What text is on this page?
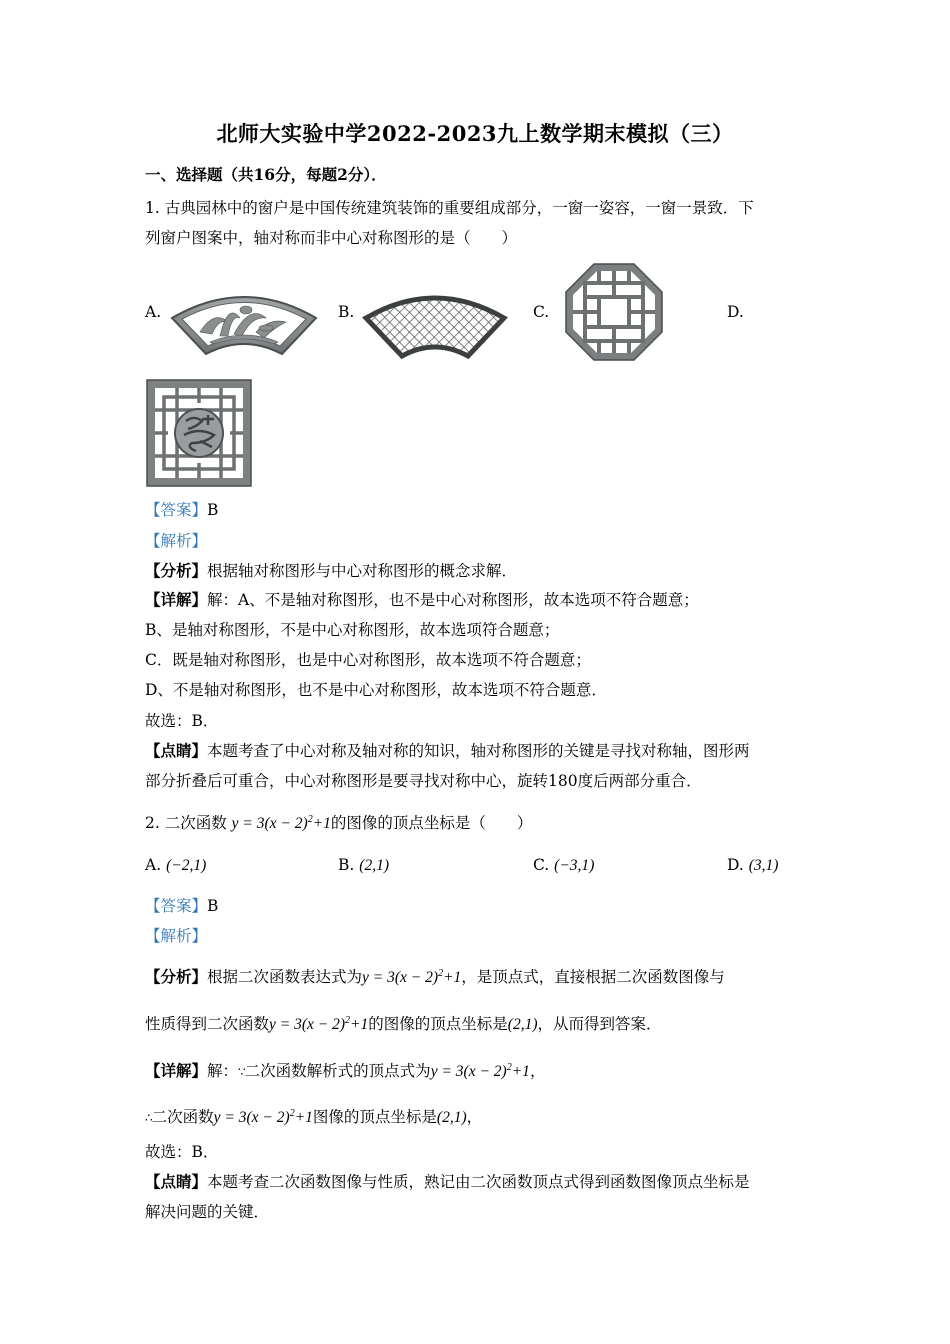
北师大实验中学2022-2023九上数学期末模拟（三）
一、选择题（共16分，每题2分）．
1. 古典园林中的窗户是中国传统建筑装饰的重要组成部分，一窗一姿容，一窗一景致．下
列窗户图案中，轴对称而非中心对称图形的是（　　）
A.	B.	C.	D.
【答案】B
【解析】
【分析】根据轴对称图形与中心对称图形的概念求解．
【详解】解：A、不是轴对称图形，也不是中心对称图形，故本选项不符合题意；
B、是轴对称图形，不是中心对称图形，故本选项符合题意；
C．既是轴对称图形，也是中心对称图形，故本选项不符合题意；
D、不是轴对称图形，也不是中心对称图形，故本选项不符合题意．
故选：B．
【点睛】本题考查了中心对称及轴对称的知识，轴对称图形的关键是寻找对称轴，图形两
部分折叠后可重合，中心对称图形是要寻找对称中心，旋转180度后两部分重合．
2. 二次函数 $y = 3(x - 2)^2+1$的图像的顶点坐标是（　　）
A. (−2,1)	B. (2,1)	C. (−3,1)	D. (3,1)
【答案】B
【解析】
【分析】根据二次函数表达式为$y = 3(x - 2)^2+1$，是顶点式，直接根据二次函数图像与
性质得到二次函数$y = 3(x - 2)^2+1$的图像的顶点坐标是(2,1)，从而得到答案．
【详解】解：∵二次函数解析式的顶点式为$y = 3(x - 2)^2+1$，
∴二次函数$y = 3(x - 2)^2+1$图像的顶点坐标是(2,1)，
故选：B．
【点睛】本题考查二次函数图像与性质，熟记由二次函数顶点式得到函数图像顶点坐标是
解决问题的关键．
